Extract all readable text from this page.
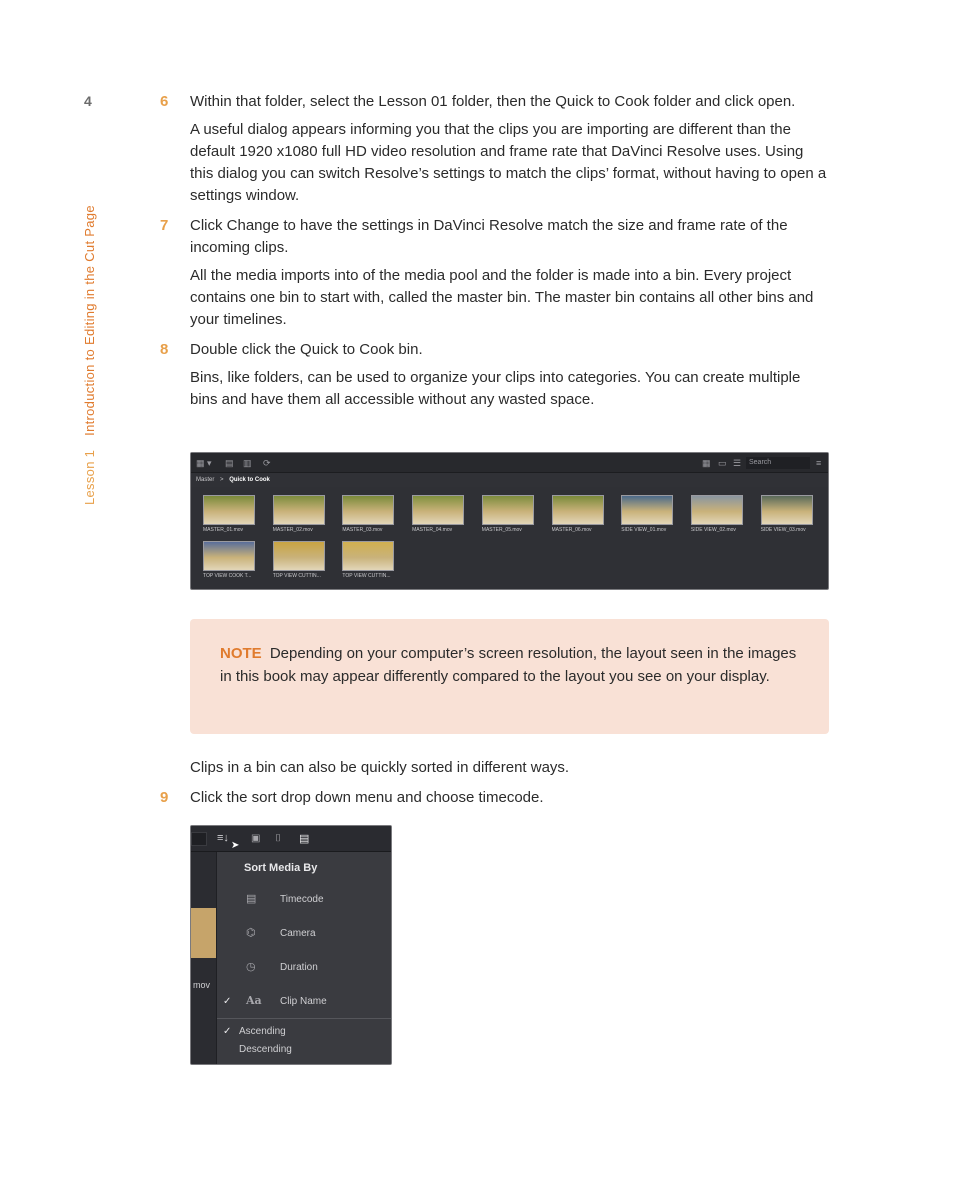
4
Lesson 1Introduction to Editing in the Cut Page
6 Within that folder, select the Lesson 01 folder, then the Quick to Cook folder and click open.
A useful dialog appears informing you that the clips you are importing are different than the default 1920 x1080 full HD video resolution and frame rate that DaVinci Resolve uses. Using this dialog you can switch Resolve’s settings to match the clips’ format, without having to open a settings window.
7 Click Change to have the settings in DaVinci Resolve match the size and frame rate of the incoming clips.
All the media imports into of the media pool and the folder is made into a bin. Every project contains one bin to start with, called the master bin. The master bin contains all other bins and your timelines.
8 Double click the Quick to Cook bin.
Bins, like folders, can be used to organize your clips into categories. You can create multiple bins and have them all accessible without any wasted space.
▦ ▾ ▤ ▥ ⟳	▦ ▭ ☰	Search	≡
Master > Quick to Cook
MASTER_01.mov	MASTER_02.mov	MASTER_03.mov	MASTER_04.mov	MASTER_05.mov	MASTER_06.mov	SIDE VIEW_01.mov	SIDE VIEW_02.mov	SIDE VIEW_03.mov
TOP VIEW COOK T...	TOP VIEW CUTTIN...	TOP VIEW CUTTIN...
NOTE Depending on your computer’s screen resolution, the layout seen in the images in this book may appear differently compared to the layout you see on your display.
Clips in a bin can also be quickly sorted in different ways.
9 Click the sort drop down menu and choose timecode.
≡↓
➤
▣ ⌷ ▤
mov
Sort Media By
▤	Timecode
⌬	Camera
◷	Duration
✓ Aa Clip Name
✓ Ascending
Descending
